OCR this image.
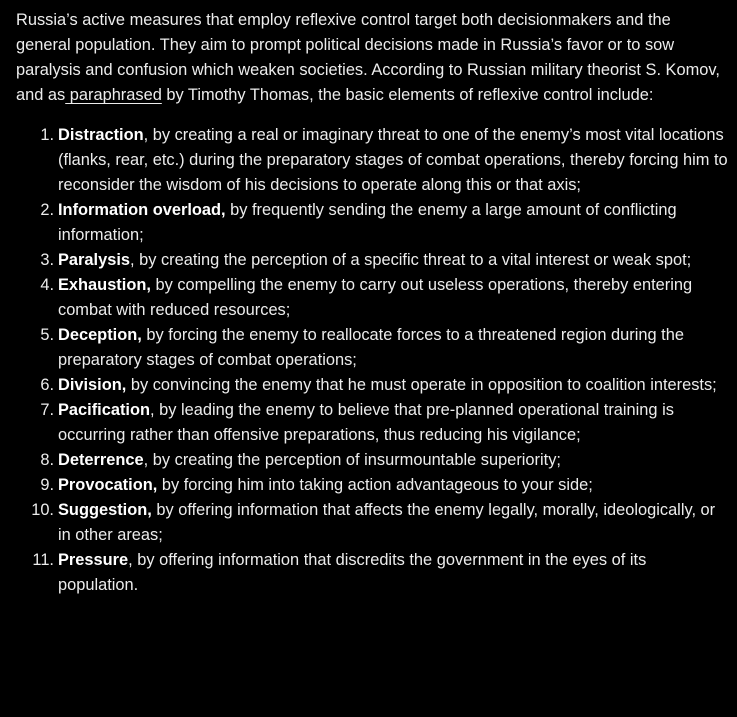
Russia’s active measures that employ reflexive control target both decisionmakers and the general population. They aim to prompt political decisions made in Russia’s favor or to sow paralysis and confusion which weaken societies. According to Russian military theorist S. Komov, and as paraphrased by Timothy Thomas, the basic elements of reflexive control include:

1. Distraction, by creating a real or imaginary threat to one of the enemy’s most vital locations (flanks, rear, etc.) during the preparatory stages of combat operations, thereby forcing him to reconsider the wisdom of his decisions to operate along this or that axis;
2. Information overload, by frequently sending the enemy a large amount of conflicting information;
3. Paralysis, by creating the perception of a specific threat to a vital interest or weak spot;
4. Exhaustion, by compelling the enemy to carry out useless operations, thereby entering combat with reduced resources;
5. Deception, by forcing the enemy to reallocate forces to a threatened region during the preparatory stages of combat operations;
6. Division, by convincing the enemy that he must operate in opposition to coalition interests;
7. Pacification, by leading the enemy to believe that pre-planned operational training is occurring rather than offensive preparations, thus reducing his vigilance;
8. Deterrence, by creating the perception of insurmountable superiority;
9. Provocation, by forcing him into taking action advantageous to your side;
10. Suggestion, by offering information that affects the enemy legally, morally, ideologically, or in other areas;
11. Pressure, by offering information that discredits the government in the eyes of its population.
